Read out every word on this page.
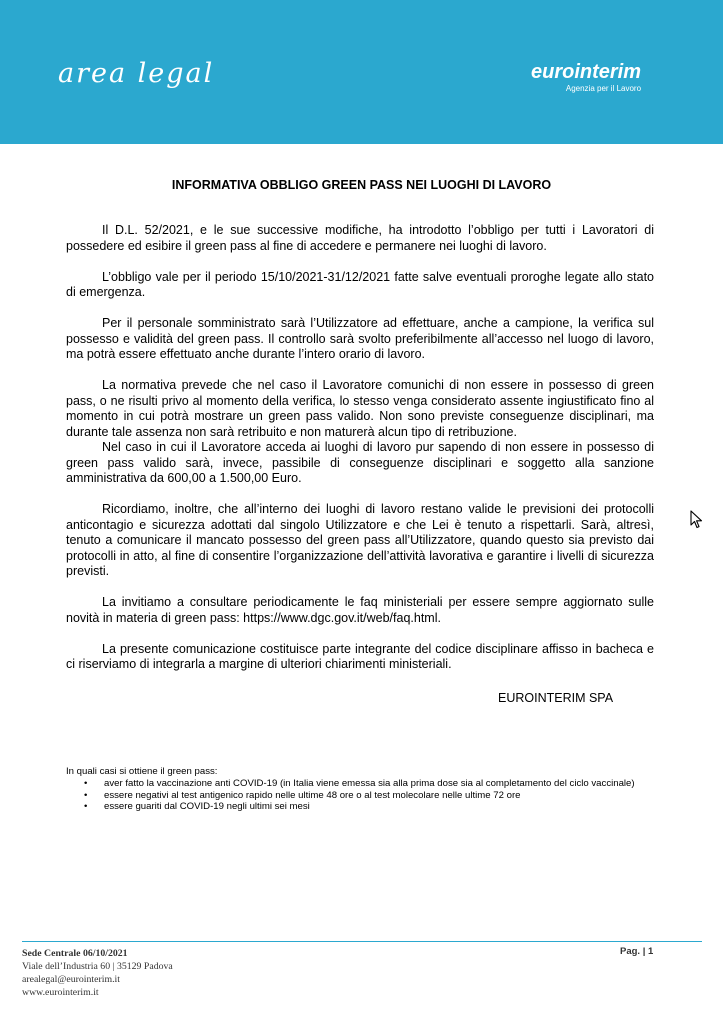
area legal	eurointerim
Agenzia per il Lavoro
INFORMATIVA OBBLIGO GREEN PASS NEI LUOGHI DI LAVORO

Il D.L. 52/2021, e le sue successive modifiche, ha introdotto l’obbligo per tutti i Lavoratori di possedere ed esibire il green pass al fine di accedere e permanere nei luoghi di lavoro.

L’obbligo vale per il periodo 15/10/2021-31/12/2021 fatte salve eventuali proroghe legate allo stato di emergenza.

Per il personale somministrato sarà l’Utilizzatore ad effettuare, anche a campione, la verifica sul possesso e validità del green pass. Il controllo sarà svolto preferibilmente all’accesso nel luogo di lavoro, ma potrà essere effettuato anche durante l’intero orario di lavoro.

La normativa prevede che nel caso il Lavoratore comunichi di non essere in possesso di green pass, o ne risulti privo al momento della verifica, lo stesso venga considerato assente ingiustificato fino al momento in cui potrà mostrare un green pass valido. Non sono previste conseguenze disciplinari, ma durante tale assenza non sarà retribuito e non maturerà alcun tipo di retribuzione.

Nel caso in cui il Lavoratore acceda ai luoghi di lavoro pur sapendo di non essere in possesso di green pass valido sarà, invece, passibile di conseguenze disciplinari e soggetto alla sanzione amministrativa da 600,00 a 1.500,00 Euro.

Ricordiamo, inoltre, che all’interno dei luoghi di lavoro restano valide le previsioni dei protocolli anticontagio e sicurezza adottati dal singolo Utilizzatore e che Lei è tenuto a rispettarli. Sarà, altresì, tenuto a comunicare il mancato possesso del green pass all’Utilizzatore, quando questo sia previsto dai protocolli in atto, al fine di consentire l’organizzazione dell’attività lavorativa e garantire i livelli di sicurezza previsti.

La invitiamo a consultare periodicamente le faq ministeriali per essere sempre aggiornato sulle novità in materia di green pass: https://www.dgc.gov.it/web/faq.html.

La presente comunicazione costituisce parte integrante del codice disciplinare affisso in bacheca e ci riserviamo di integrarla a margine di ulteriori chiarimenti ministeriali.

EUROINTERIM SPA
In quali casi si ottiene il green pass:
• aver fatto la vaccinazione anti COVID-19 (in Italia viene emessa sia alla prima dose sia al completamento del ciclo vaccinale)
• essere negativi al test antigenico rapido nelle ultime 48 ore o al test molecolare nelle ultime 72 ore
• essere guariti dal COVID-19 negli ultimi sei mesi
Sede Centrale 06/10/2021
Viale dell’Industria 60 | 35129 Padova
arealegal@eurointerim.it
www.eurointerim.it
Pag. | 1
